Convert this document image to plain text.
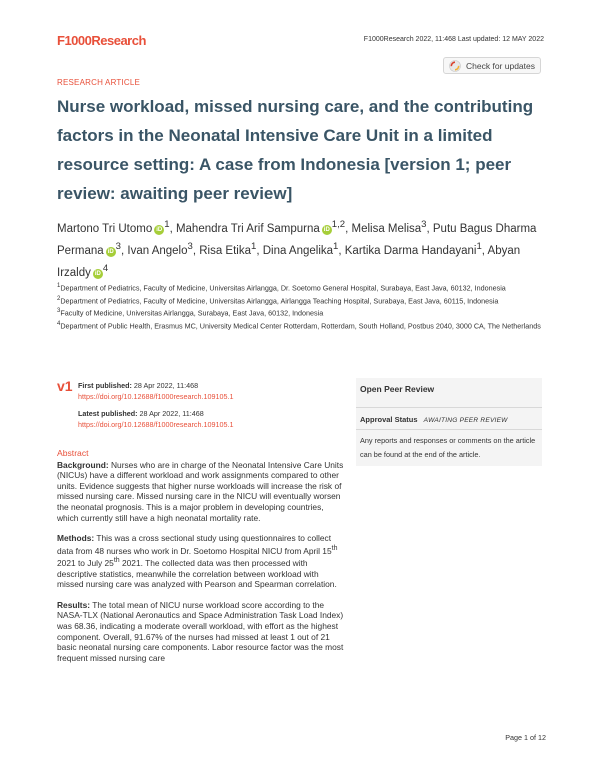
F1000Research	F1000Research 2022, 11:468 Last updated: 12 MAY 2022
Check for updates
RESEARCH ARTICLE
Nurse workload, missed nursing care, and the contributing factors in the Neonatal Intensive Care Unit in a limited resource setting: A case from Indonesia [version 1; peer review: awaiting peer review]
Martono Tri Utomo iD $^1$, Mahendra Tri Arif Sampurna iD $^{1,2}$, Melisa Melisa$^3$, Putu Bagus Dharma Permana iD $^3$, Ivan Angelo$^3$, Risa Etika$^1$, Dina Angelika$^1$, Kartika Darma Handayani$^1$, Abyan Irzaldy iD $^4$

$^1$Department of Pediatrics, Faculty of Medicine, Universitas Airlangga, Dr. Soetomo General Hospital, Surabaya, East Java, 60132, Indonesia

$^2$Department of Pediatrics, Faculty of Medicine, Universitas Airlangga, Airlangga Teaching Hospital, Surabaya, East Java, 60115, Indonesia

$^3$Faculty of Medicine, Universitas Airlangga, Surabaya, East Java, 60132, Indonesia

$^4$Department of Public Health, Erasmus MC, University Medical Center Rotterdam, Rotterdam, South Holland, Postbus 2040, 3000 CA, The Netherlands

v1 First published: 28 Apr 2022, 11:468
https://doi.org/10.12688/f1000research.109105.1
Latest published: 28 Apr 2022, 11:468
https://doi.org/10.12688/f1000research.109105.1
Open Peer Review
Approval Status AWAITING PEER REVIEW
Any reports and responses or comments on the article can be found at the end of the article.
Abstract

Background: Nurses who are in charge of the Neonatal Intensive Care Units (NICUs) have a different workload and work assignments compared to other units. Evidence suggests that higher nurse workloads will increase the risk of missed nursing care. Missed nursing care in the NICU will eventually worsen the neonatal prognosis. This is a major problem in developing countries, which currently still have a high neonatal mortality rate.

Methods: This was a cross sectional study using questionnaires to collect data from 48 nurses who work in Dr. Soetomo Hospital NICU from April 15th 2021 to July 25th 2021. The collected data was then processed with descriptive statistics, meanwhile the correlation between workload with missed nursing care was analyzed with Pearson and Spearman correlation.

Results: The total mean of NICU nurse workload score according to the NASA-TLX (National Aeronautics and Space Administration Task Load Index) was 68.36, indicating a moderate overall workload, with effort as the highest component. Overall, 91.67% of the nurses had missed at least 1 out of 21 basic neonatal nursing care components. Labor resource factor was the most frequent missed nursing care

Page 1 of 12
